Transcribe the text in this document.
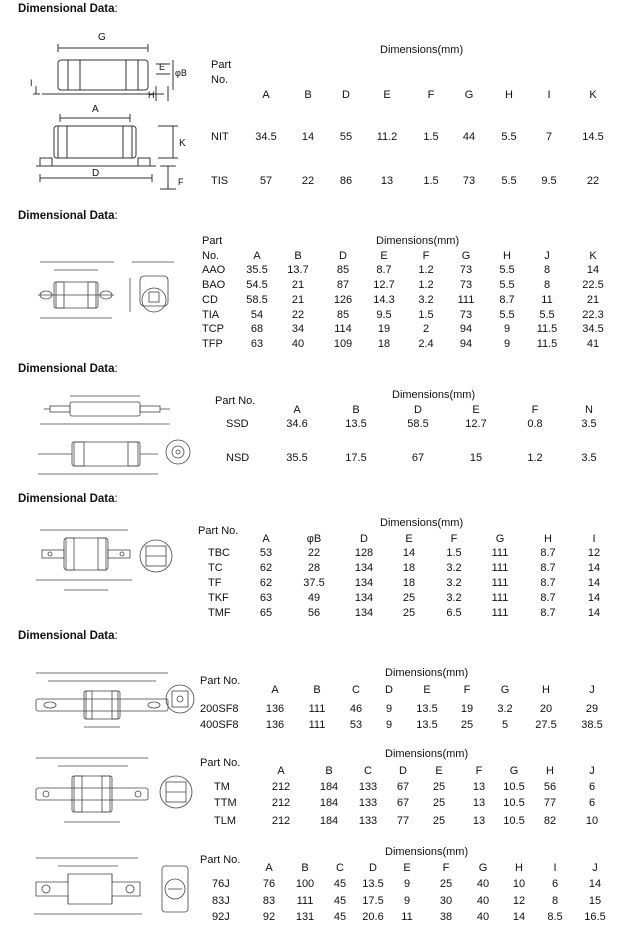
Dimensional Data:
G
E
φB
H
A
K
D
F
I
Part
No.
Dimensions(mm)
A	B	D	E	F	G	H	I	K
NIT 34.5 14 55 11.2 1.5 44 5.5	7	14.5
TIS	57	22 86	13	1.5 73 5.5 9.5	22
Dimensional Data:
Part
No.
Dimensions(mm)
A	B	D	E	F	G	H	J	K
AAO 35.5 13.7	85 8.7 1.2 73 5.5	8	14
BAO 54.5 21	87 12.7 1.2 73 5.5	8	22.5
CD	58.5 21	126 14.3 3.2 111 8.7 11	21
TIA	54	22	85 9.5 1.5 73 5.5 5.5	22.3
TCP 68	34	114 19	2	94	9 11.5 34.5
TFP	63	40	109 18	2.4 94	9 11.5	41
Dimensional Data:
Part No.	Dimensions(mm)
A	B	D	E	F	N
SSD	34.6	13.5	58.5	12.7	0.8	3.5
NSD	35.5	17.5	67	15	1.2	3.5
Dimensional Data:
Part No.
Dimensions(mm)
A	φB	D	E	F	G	H	I
TBC	53	22	128	14	1.5	111	8.7	12
TC	62	28	134	18	3.2	111	8.7	14
TF	62	37.5	134	18	3.2	111	8.7	14
TKF	63	49	134	25	3.2	111	8.7	14
TMF	65	56	134	25	6.5	111	8.7	14
Dimensional Data:
Part No.
Dimensions(mm)
A	B	C D	E	F	G	H	J
200SF8 136 111 46 9 13.5 19 3.2 20	29
400SF8 136 111 53 9 13.5 25	5 27.5 38.5
Part No.
Dimensions(mm)
A	B	C D	E	F G	H	J
TM	212	184 133 67 25	13 10.5 56	6
TTM	212	184 133 67 25	13 10.5 77	6
TLM	212	184 133 77 25	13 10.5 82	10
Part No.
Dimensions(mm)
A	B C D E	F	G	H	I	J
76J	76 100 45 13.5 9	25 40 10 6	14
83J	83 111 45 17.5 9	30 40 12 8	15
92J	92 131 45 20.6 11 38 40 14 8.5 16.5
